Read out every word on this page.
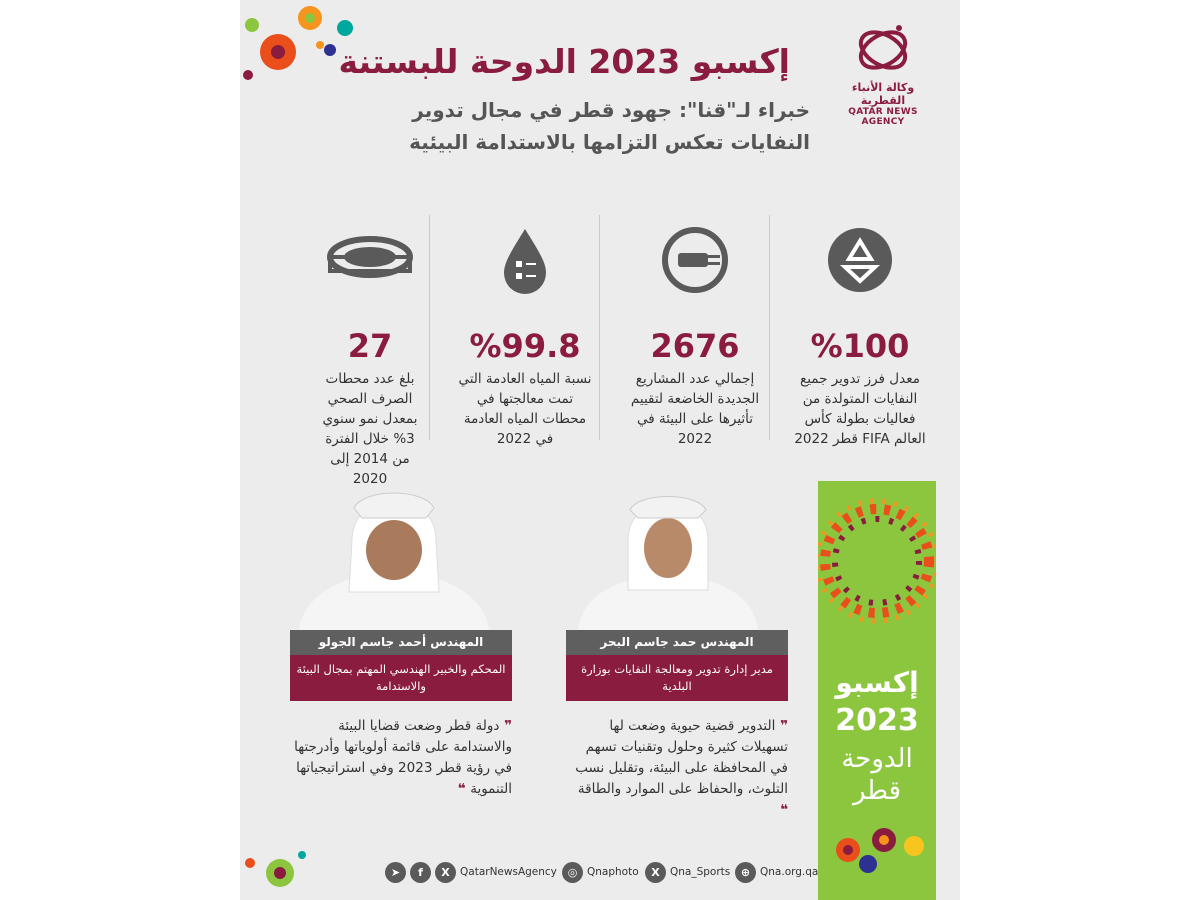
وكالة الأنباء القطرية
QATAR NEWS AGENCY
إكسبو 2023 الدوحة للبستنة
خبراء لـ"قنا": جهود قطر في مجال تدوير النفايات تعكس التزامها بالاستدامة البيئية
%100
معدل فرز تدوير جميع النفايات المتولدة من فعاليات بطولة كأس العالم FIFA قطر 2022
2676
إجمالي عدد المشاريع الجديدة الخاضعة لتقييم تأثيرها على البيئة في 2022
%99.8
نسبة المياه العادمة التي تمت معالجتها في محطات المياه العادمة في 2022
27
بلغ عدد محطات الصرف الصحي بمعدل نمو سنوي 3% خلال الفترة من 2014 إلى 2020
المهندس حمد جاسم البحر
مدير إدارة تدوير ومعالجة النفايات بوزارة البلدية
❞ التدوير قضية حيوية وضعت لها تسهيلات كثيرة وحلول وتقنيات تسهم في المحافظة على البيئة، وتقليل نسب التلوث، والحفاظ على الموارد والطاقة ❝
المهندس أحمد جاسم الجولو
المحكم والخبير الهندسي المهتم بمجال البيئة والاستدامة
❞ دولة قطر وضعت قضايا البيئة والاستدامة على قائمة أولوياتها وأدرجتها في رؤية قطر 2023 وفي استراتيجياتها التنموية ❝
إكسبو
2023
الدوحة
قطر
➤	f	X QatarNewsAgency ◎ Qnaphoto	X Qna_Sports ⊕ Qna.org.qa
